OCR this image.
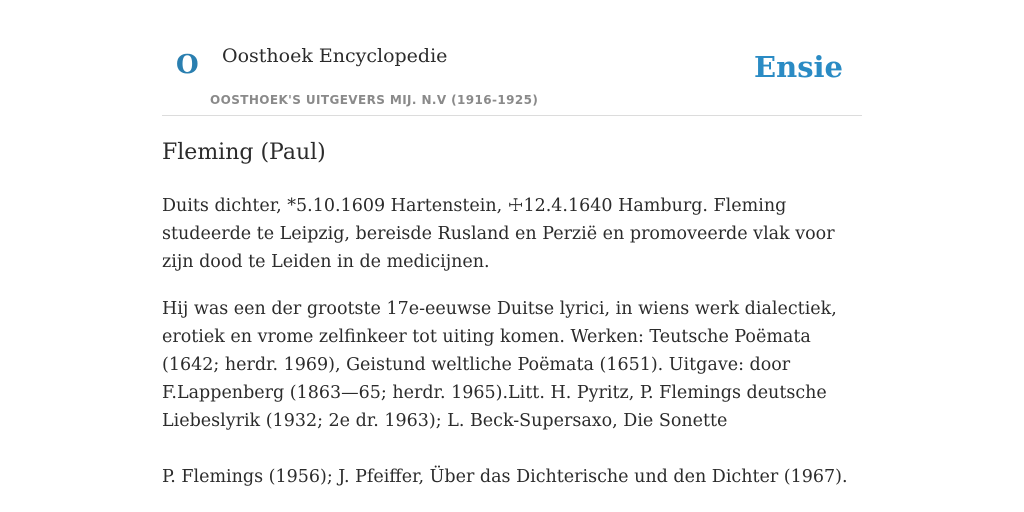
O Oosthoek Encyclopedie
OOSTHOEK'S UITGEVERS MIJ. N.V (1916-1925)
Ensie
Fleming (Paul)

Duits dichter, *5.10.1609 Hartenstein, ☩12.4.1640 Hamburg. Fleming studeerde te Leipzig, bereisde Rusland en Perzië en promoveerde vlak voor zijn dood te Leiden in de medicijnen.

Hij was een der grootste 17e-eeuwse Duitse lyrici, in wiens werk dialectiek, erotiek en vrome zelfinkeer tot uiting komen. Werken: Teutsche Poëmata (1642; herdr. 1969), Geistund weltliche Poëmata (1651). Uitgave: door F.Lappenberg (1863—65; herdr. 1965).Litt. H. Pyritz, P. Flemings deutsche Liebeslyrik (1932; 2e dr. 1963); L. Beck-Supersaxo, Die Sonette

P. Flemings (1956); J. Pfeiffer, Über das Dichterische und den Dichter (1967).
